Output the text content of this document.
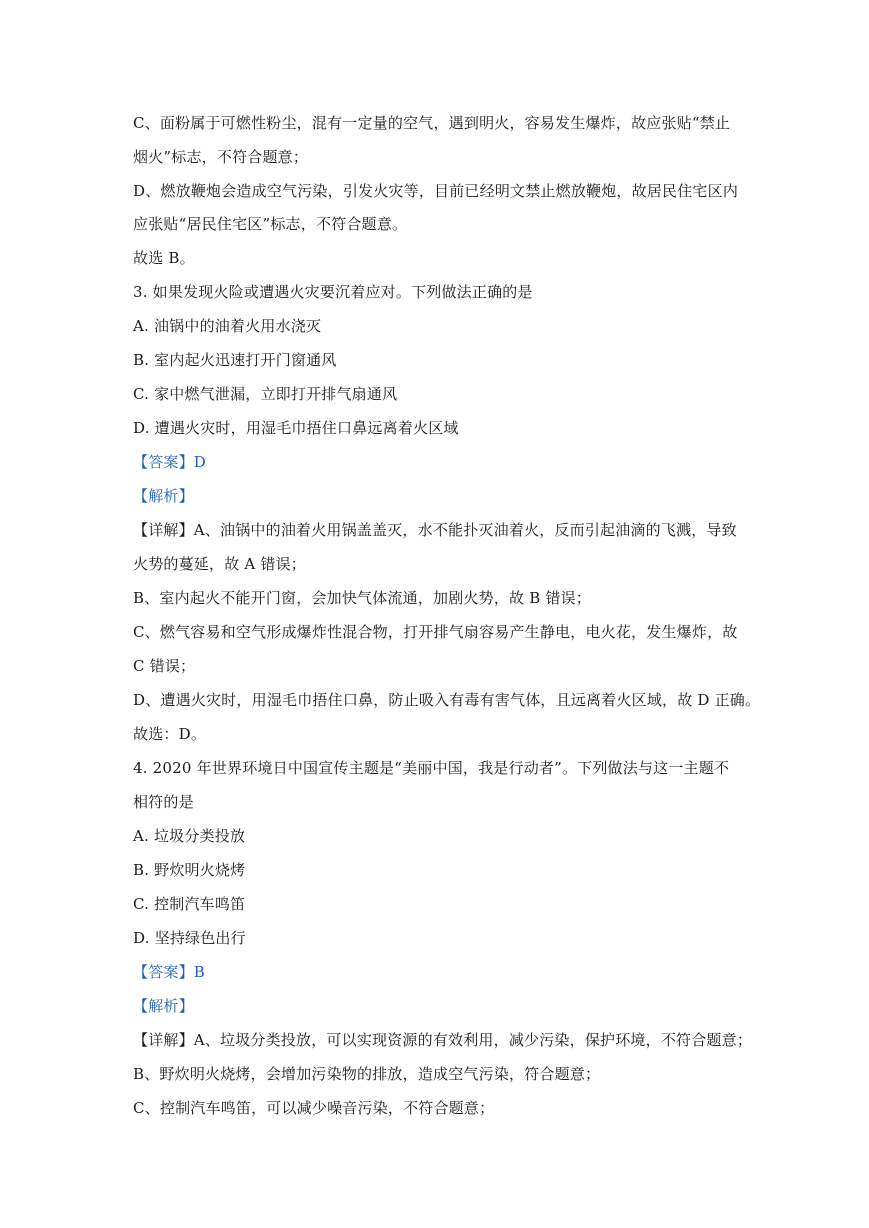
C、面粉属于可燃性粉尘，混有一定量的空气，遇到明火，容易发生爆炸，故应张贴“禁止
烟火”标志，不符合题意；
D、燃放鞭炮会造成空气污染，引发火灾等，目前已经明文禁止燃放鞭炮，故居民住宅区内
应张贴“居民住宅区”标志，不符合题意。
故选 B。
3. 如果发现火险或遭遇火灾要沉着应对。下列做法正确的是
A. 油锅中的油着火用水浇灭
B. 室内起火迅速打开门窗通风
C. 家中燃气泄漏，立即打开排气扇通风
D. 遭遇火灾时，用湿毛巾捂住口鼻远离着火区域
【答案】D
【解析】
【详解】A、油锅中的油着火用锅盖盖灭，水不能扑灭油着火，反而引起油滴的飞溅，导致
火势的蔓延，故 A 错误；
B、室内起火不能开门窗，会加快气体流通，加剧火势，故 B 错误；
C、燃气容易和空气形成爆炸性混合物，打开排气扇容易产生静电，电火花，发生爆炸，故
C 错误；
D、遭遇火灾时，用湿毛巾捂住口鼻，防止吸入有毒有害气体，且远离着火区域，故 D 正确。
故选：D。
4. 2020 年世界环境日中国宣传主题是“美丽中国，我是行动者”。下列做法与这一主题不
相符的是
A. 垃圾分类投放
B. 野炊明火烧烤
C. 控制汽车鸣笛
D. 坚持绿色出行
【答案】B
【解析】
【详解】A、垃圾分类投放，可以实现资源的有效利用，减少污染，保护环境，不符合题意；
B、野炊明火烧烤，会增加污染物的排放，造成空气污染，符合题意；
C、控制汽车鸣笛，可以减少噪音污染，不符合题意；
